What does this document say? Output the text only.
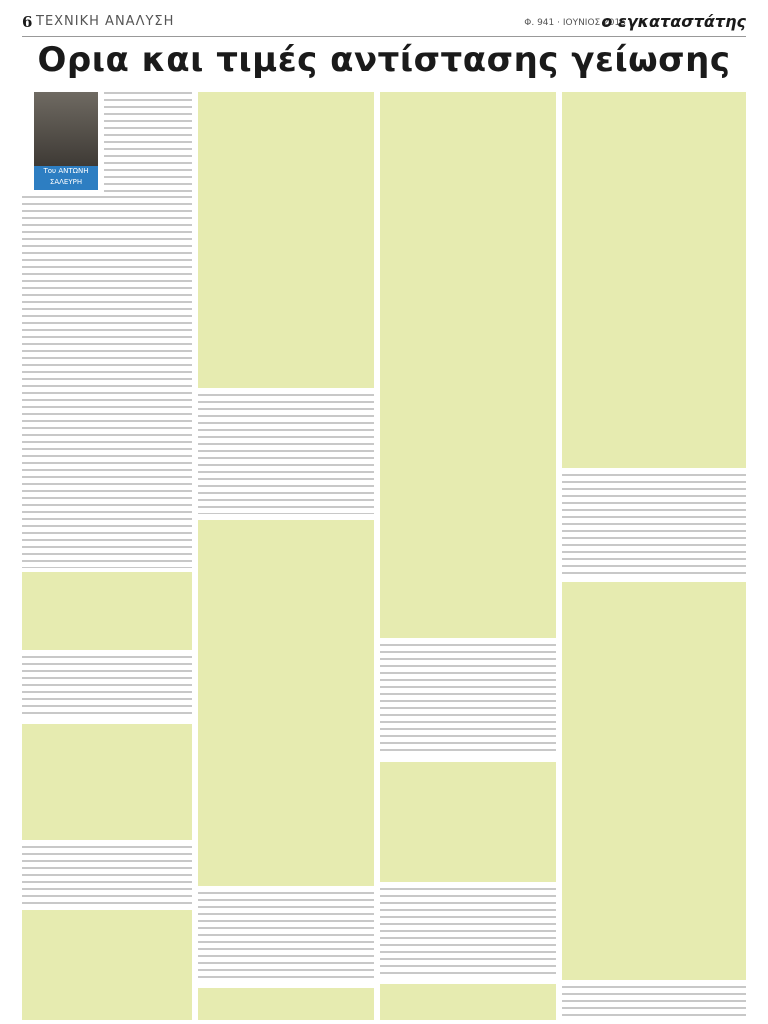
6 ΤΕΧΝΙΚΗ ΑΝΑΛΥΣΗ	Φ. 941 · ΙΟΥΝΙΟΣ 2015
ο εγκαταστάτης
Ορια και τιμές αντίστασης γείωσης
Του ΑΝΤΩΝΗ ΣΑΛΕΥΡΗ
